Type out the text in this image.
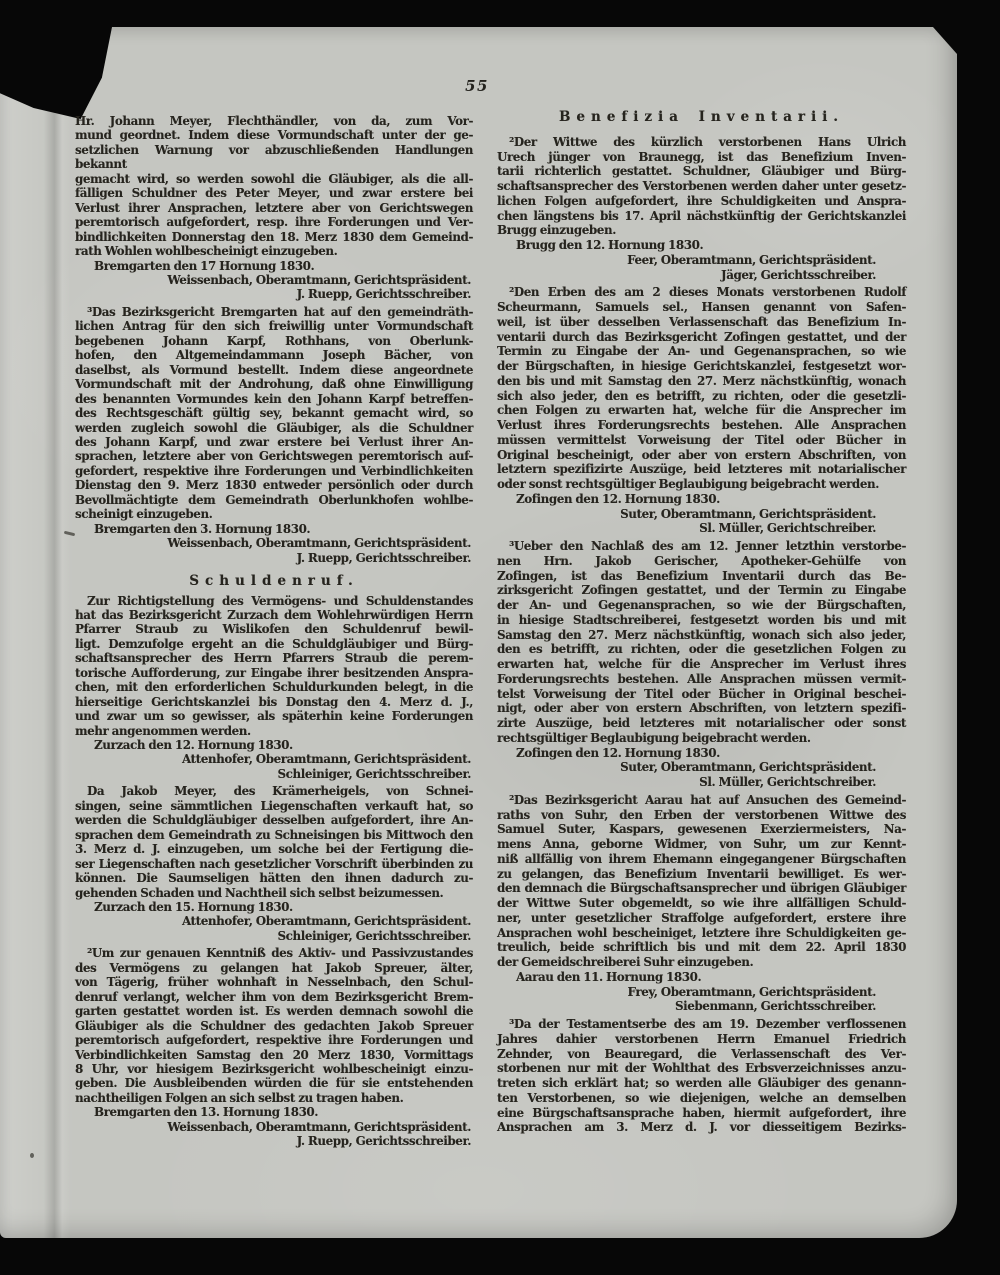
55
Hr. Johann Meyer, Flechthändler, von da, zum Vor-
mund geordnet. Indem diese Vormundschaft unter der ge-
setzlichen Warnung vor abzuschließenden Handlungen bekannt
gemacht wird, so werden sowohl die Gläubiger, als die all-
fälligen Schuldner des Peter Meyer, und zwar erstere bei
Verlust ihrer Ansprachen, letztere aber von Gerichtswegen
peremtorisch aufgefordert, resp. ihre Forderungen und Ver-
bindlichkeiten Donnerstag den 18. Merz 1830 dem Gemeind-
rath Wohlen wohlbescheinigt einzugeben.
Bremgarten den 17 Hornung 1830.
Weissenbach, Oberamtmann, Gerichtspräsident.
J. Ruepp, Gerichtsschreiber.
³Das Bezirksgericht Bremgarten hat auf den gemeindräth-
lichen Antrag für den sich freiwillig unter Vormundschaft
begebenen Johann Karpf, Rothhans, von Oberlunk-
hofen, den Altgemeindammann Joseph Bächer, von
daselbst, als Vormund bestellt. Indem diese angeordnete
Vormundschaft mit der Androhung, daß ohne Einwilligung
des benannten Vormundes kein den Johann Karpf betreffen-
des Rechtsgeschäft gültig sey, bekannt gemacht wird, so
werden zugleich sowohl die Gläubiger, als die Schuldner
des Johann Karpf, und zwar erstere bei Verlust ihrer An-
sprachen, letztere aber von Gerichtswegen peremtorisch auf-
gefordert, respektive ihre Forderungen und Verbindlichkeiten
Dienstag den 9. Merz 1830 entweder persönlich oder durch
Bevollmächtigte dem Gemeindrath Oberlunkhofen wohlbe-
scheinigt einzugeben.
Bremgarten den 3. Hornung 1830.
Weissenbach, Oberamtmann, Gerichtspräsident.
J. Ruepp, Gerichtsschreiber.
Schuldenruf.
Zur Richtigstellung des Vermögens- und Schuldenstandes
hat das Bezirksgericht Zurzach dem Wohlehrwürdigen Herrn
Pfarrer Straub zu Wislikofen den Schuldenruf bewil-
ligt. Demzufolge ergeht an die Schuldgläubiger und Bürg-
schaftsansprecher des Herrn Pfarrers Straub die perem-
torische Aufforderung, zur Eingabe ihrer besitzenden Anspra-
chen, mit den erforderlichen Schuldurkunden belegt, in die
hierseitige Gerichtskanzlei bis Donstag den 4. Merz d. J.,
und zwar um so gewisser, als späterhin keine Forderungen
mehr angenommen werden.
Zurzach den 12. Hornung 1830.
Attenhofer, Oberamtmann, Gerichtspräsident.
Schleiniger, Gerichtsschreiber.
Da Jakob Meyer, des Krämerheigels, von Schnei-
singen, seine sämmtlichen Liegenschaften verkauft hat, so
werden die Schuldgläubiger desselben aufgefordert, ihre An-
sprachen dem Gemeindrath zu Schneisingen bis Mittwoch den
3. Merz d. J. einzugeben, um solche bei der Fertigung die-
ser Liegenschaften nach gesetzlicher Vorschrift überbinden zu
können. Die Saumseligen hätten den ihnen dadurch zu-
gehenden Schaden und Nachtheil sich selbst beizumessen.
Zurzach den 15. Hornung 1830.
Attenhofer, Oberamtmann, Gerichtspräsident.
Schleiniger, Gerichtsschreiber.
²Um zur genauen Kenntniß des Aktiv- und Passivzustandes
des Vermögens zu gelangen hat Jakob Spreuer, älter,
von Tägerig, früher wohnhaft in Nesselnbach, den Schul-
denruf verlangt, welcher ihm von dem Bezirksgericht Brem-
garten gestattet worden ist. Es werden demnach sowohl die
Gläubiger als die Schuldner des gedachten Jakob Spreuer
peremtorisch aufgefordert, respektive ihre Forderungen und
Verbindlichkeiten Samstag den 20 Merz 1830, Vormittags
8 Uhr, vor hiesigem Bezirksgericht wohlbescheinigt einzu-
geben. Die Ausbleibenden würden die für sie entstehenden
nachtheiligen Folgen an sich selbst zu tragen haben.
Bremgarten den 13. Hornung 1830.
Weissenbach, Oberamtmann, Gerichtspräsident.
J. Ruepp, Gerichtsschreiber.
Benefizia Inventarii.
²Der Wittwe des kürzlich verstorbenen Hans Ulrich
Urech jünger von Braunegg, ist das Benefizium Inven-
tarii richterlich gestattet. Schuldner, Gläubiger und Bürg-
schaftsansprecher des Verstorbenen werden daher unter gesetz-
lichen Folgen aufgefordert, ihre Schuldigkeiten und Anspra-
chen längstens bis 17. April nächstkünftig der Gerichtskanzlei
Brugg einzugeben.
Brugg den 12. Hornung 1830.
Feer, Oberamtmann, Gerichtspräsident.
Jäger, Gerichtsschreiber.
²Den Erben des am 2 dieses Monats verstorbenen Rudolf
Scheurmann, Samuels sel., Hansen genannt von Safen-
weil, ist über desselben Verlassenschaft das Benefizium In-
ventarii durch das Bezirksgericht Zofingen gestattet, und der
Termin zu Eingabe der An- und Gegenansprachen, so wie
der Bürgschaften, in hiesige Gerichtskanzlei, festgesetzt wor-
den bis und mit Samstag den 27. Merz nächstkünftig, wonach
sich also jeder, den es betrifft, zu richten, oder die gesetzli-
chen Folgen zu erwarten hat, welche für die Ansprecher im
Verlust ihres Forderungsrechts bestehen. Alle Ansprachen
müssen vermittelst Vorweisung der Titel oder Bücher in
Original bescheinigt, oder aber von erstern Abschriften, von
letztern spezifizirte Auszüge, beid letzteres mit notarialischer
oder sonst rechtsgültiger Beglaubigung beigebracht werden.
Zofingen den 12. Hornung 1830.
Suter, Oberamtmann, Gerichtspräsident.
Sl. Müller, Gerichtschreiber.
³Ueber den Nachlaß des am 12. Jenner letzthin verstorbe-
nen Hrn. Jakob Gerischer, Apotheker-Gehülfe von
Zofingen, ist das Benefizium Inventarii durch das Be-
zirksgericht Zofingen gestattet, und der Termin zu Eingabe
der An- und Gegenansprachen, so wie der Bürgschaften,
in hiesige Stadtschreiberei, festgesetzt worden bis und mit
Samstag den 27. Merz nächstkünftig, wonach sich also jeder,
den es betrifft, zu richten, oder die gesetzlichen Folgen zu
erwarten hat, welche für die Ansprecher im Verlust ihres
Forderungsrechts bestehen. Alle Ansprachen müssen vermit-
telst Vorweisung der Titel oder Bücher in Original beschei-
nigt, oder aber von erstern Abschriften, von letztern spezifi-
zirte Auszüge, beid letzteres mit notarialischer oder sonst
rechtsgültiger Beglaubigung beigebracht werden.
Zofingen den 12. Hornung 1830.
Suter, Oberamtmann, Gerichtspräsident.
Sl. Müller, Gerichtschreiber.
²Das Bezirksgericht Aarau hat auf Ansuchen des Gemeind-
raths von Suhr, den Erben der verstorbenen Wittwe des
Samuel Suter, Kaspars, gewesenen Exerziermeisters, Na-
mens Anna, geborne Widmer, von Suhr, um zur Kennt-
niß allfällig von ihrem Ehemann eingegangener Bürgschaften
zu gelangen, das Benefizium Inventarii bewilliget. Es wer-
den demnach die Bürgschaftsansprecher und übrigen Gläubiger
der Wittwe Suter obgemeldt, so wie ihre allfälligen Schuld-
ner, unter gesetzlicher Straffolge aufgefordert, erstere ihre
Ansprachen wohl bescheiniget, letztere ihre Schuldigkeiten ge-
treulich, beide schriftlich bis und mit dem 22. April 1830
der Gemeidschreiberei Suhr einzugeben.
Aarau den 11. Hornung 1830.
Frey, Oberamtmann, Gerichtspräsident.
Siebenmann, Gerichtsschreiber.
³Da der Testamentserbe des am 19. Dezember verflossenen
Jahres dahier verstorbenen Herrn Emanuel Friedrich
Zehnder, von Beauregard, die Verlassenschaft des Ver-
storbenen nur mit der Wohlthat des Erbsverzeichnisses anzu-
treten sich erklärt hat; so werden alle Gläubiger des genann-
ten Verstorbenen, so wie diejenigen, welche an demselben
eine Bürgschaftsansprache haben, hiermit aufgefordert, ihre
Ansprachen am 3. Merz d. J. vor diesseitigem Bezirks-
